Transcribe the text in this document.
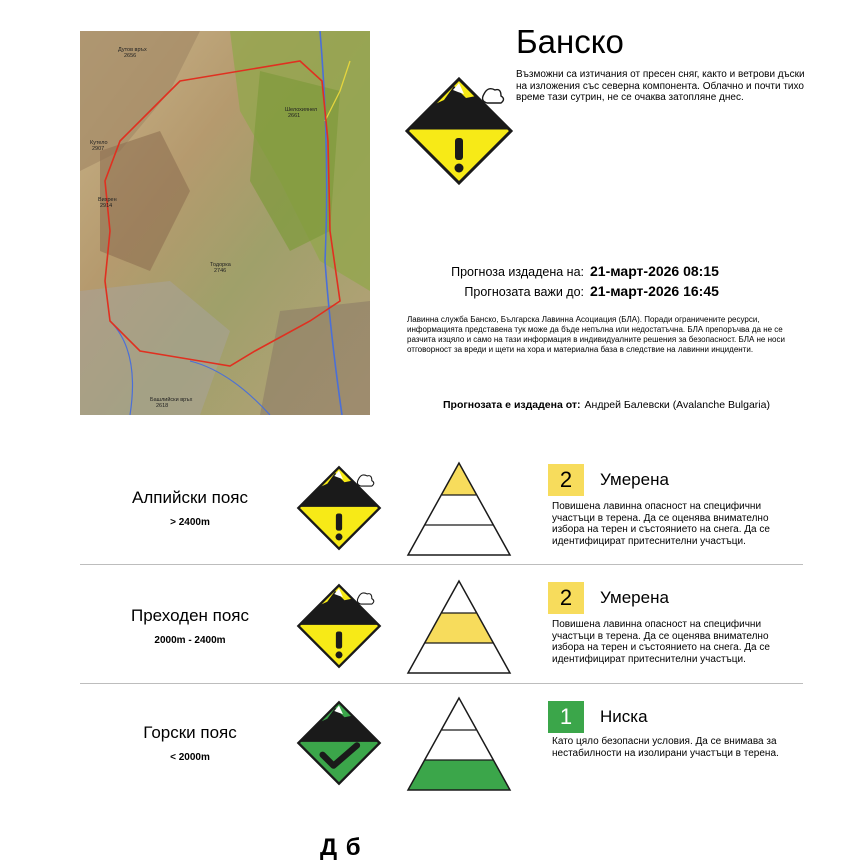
Дутов връх
2656
Шелохиянел
2661
Тодорка
2746
Башлийски връх
2618
Кутело
2907
Вихрен
2914
Банско
Възможни са изтичания от пресен сняг, както и ветрови дъски на изложения със северна компонента. Облачно и почти тихо време тази сутрин, не се очаква затопляне днес.
Прогноза издадена на: 21-март-2026 08:15
Прогнозата важи до: 21-март-2026 16:45
Лавинна служба Банско, Българска Лавинна Асоциация (БЛА). Поради ограничените ресурси, информацията представена тук може да бъде непълна или недостатъчна. БЛА препоръчва да не се разчита изцяло и само на тази информация в индивидуалните решения за безопасност. БЛА не носи отговорност за вреди и щети на хора и материална база в следствие на лавинни инциденти.
Прогнозата е издадена от: Андрей Балевски (Avalanche Bulgaria)
Алпийски пояс
> 2400m
2	Умерена
Повишена лавинна опасност на специфични участъци в терена. Да се оценява внимателно избора на терен и състоянието на снега. Да се идентифицират притеснителни участъци.
Преходен пояс
2000m - 2400m
2	Умерена
Повишена лавинна опасност на специфични участъци в терена. Да се оценява внимателно избора на терен и състоянието на снега. Да се идентифицират притеснителни участъци.
Горски пояс
< 2000m
1	Ниска
Като цяло безопасни условия. Да се внимава за нестабилности на изолирани участъци в терена.
Д б
